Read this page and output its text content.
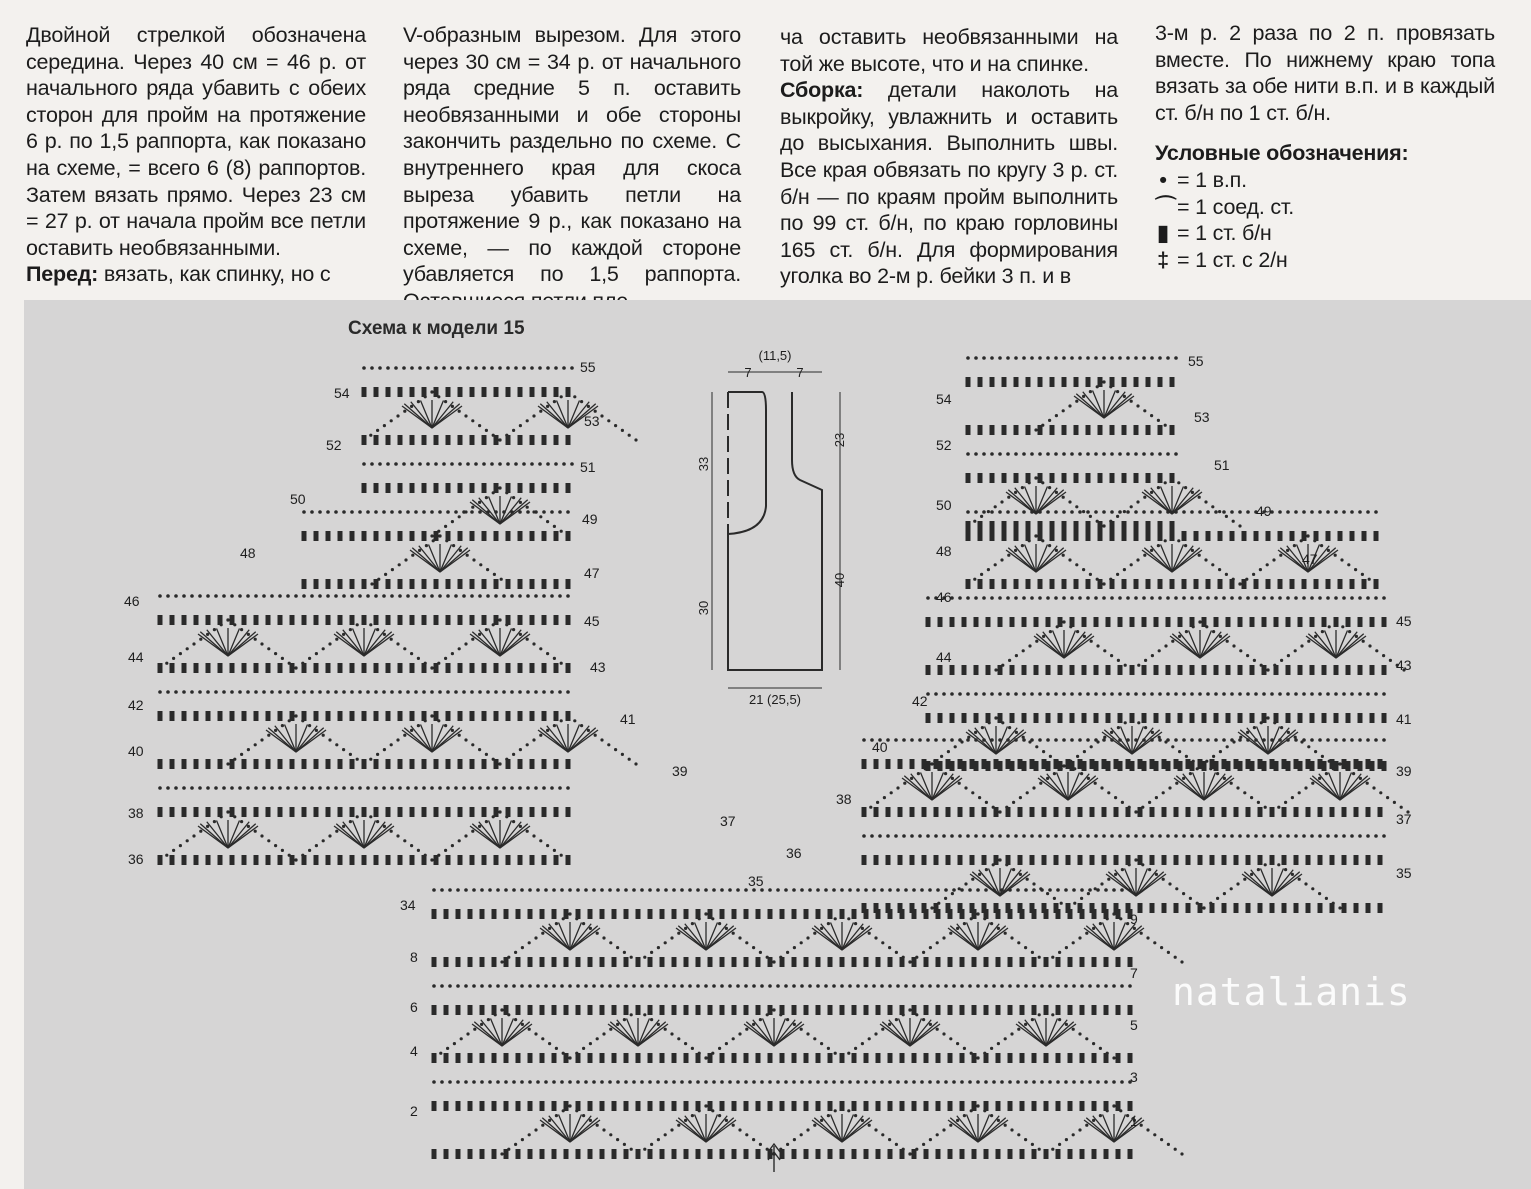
Двойной стрелкой обозначена середина. Через 40 см = 46 р. от начального ряда убавить с обеих сторон для пройм на протяжение 6 р. по 1,5 раппорта, как показано на схеме, = всего 6 (8) раппортов. Затем вязать прямо. Через 23 см = 27 р. от начала пройм все петли оставить необвязанными.

Перед: вязать, как спинку, но с

V-образным вырезом. Для этого через 30 см = 34 р. от начального ряда средние 5 п. оставить необвязанными и обе стороны закончить раздельно по схеме. С внутреннего края для скоса выреза убавить петли на протяжение 9 р., как показано на схеме, — по каждой стороне убавляется по 1,5 раппорта.

ча оставить необвязанными на той же высоте, что и на спинке.

Сборка: детали наколоть на выкройку, увлажнить и оставить до высыхания. Выполнить швы. Все края обвязать по кругу 3 р. ст. б/н — по краям пройм выполнить по 99 ст. б/н, по краю горловины 165 ст. б/н. Для формирования уголка во 2-м р. бейки 3 п. и в

3-м р. 2 раза по 2 п. провязать вместе. По нижнему краю топа вязать за обе нити в.п. и в каждый ст. б/н по 1 ст. б/н.

Условные обозначения:

• = 1 в.п.
⌒ = 1 соед. ст.
▮ = 1 ст. б/н
‡ = 1 ст. с 2/н
Схема к модели 15
55
53
51
49
47
45
43
41
39
37
54
52
50
48
46
44
42
40
38
36
55
53
51
49
47
45
43
41
39
37
35
54
52
50
48
46
44
42
40
38
36
34
35
1
3
5
7
9
2
4
6
8
(11,5)
7	7
33
30
23
40
21 (25,5)
natalianis
